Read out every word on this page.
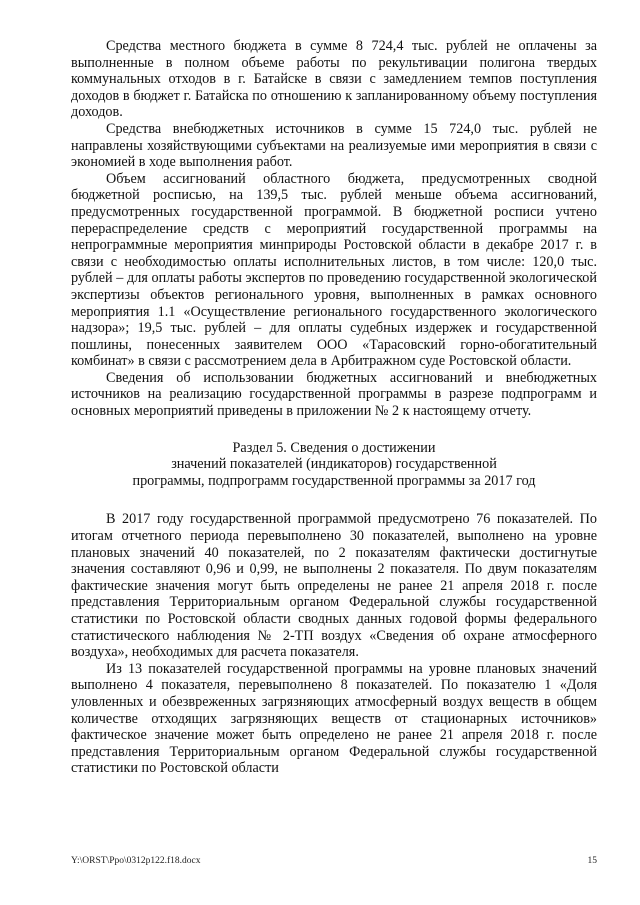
Средства местного бюджета в сумме 8 724,4 тыс. рублей не оплачены за выполненные в полном объеме работы по рекультивации полигона твердых коммунальных отходов в г. Батайске в связи с замедлением темпов поступления доходов в бюджет г. Батайска по отношению к запланированному объему поступления доходов.

Средства внебюджетных источников в сумме 15 724,0 тыс. рублей не направлены хозяйствующими субъектами на реализуемые ими мероприятия в связи с экономией в ходе выполнения работ.

Объем ассигнований областного бюджета, предусмотренных сводной бюджетной росписью, на 139,5 тыс. рублей меньше объема ассигнований, предусмотренных государственной программой. В бюджетной росписи учтено перераспределение средств с мероприятий государственной программы на непрограммные мероприятия минприроды Ростовской области в декабре 2017 г. в связи с необходимостью оплаты исполнительных листов, в том числе: 120,0 тыс. рублей – для оплаты работы экспертов по проведению государственной экологической экспертизы объектов регионального уровня, выполненных в рамках основного мероприятия 1.1 «Осуществление регионального государственного экологического надзора»; 19,5 тыс. рублей – для оплаты судебных издержек и государственной пошлины, понесенных заявителем ООО «Тарасовский горно-обогатительный комбинат» в связи с рассмотрением дела в Арбитражном суде Ростовской области.

Сведения об использовании бюджетных ассигнований и внебюджетных источников на реализацию государственной программы в разрезе подпрограмм и основных мероприятий приведены в приложении № 2 к настоящему отчету.

Раздел 5. Сведения о достижении
значений показателей (индикаторов) государственной
программы, подпрограмм государственной программы за 2017 год

В 2017 году государственной программой предусмотрено 76 показателей. По итогам отчетного периода перевыполнено 30 показателей, выполнено на уровне плановых значений 40 показателей, по 2 показателям фактически достигнутые значения составляют 0,96 и 0,99, не выполнены 2 показателя. По двум показателям фактические значения могут быть определены не ранее 21 апреля 2018 г. после представления Территориальным органом Федеральной службы государственной статистики по Ростовской области сводных данных годовой формы федерального статистического наблюдения № 2-ТП воздух «Сведения об охране атмосферного воздуха», необходимых для расчета показателя.

Из 13 показателей государственной программы на уровне плановых значений выполнено 4 показателя, перевыполнено 8 показателей. По показателю 1 «Доля уловленных и обезвреженных загрязняющих атмосферный воздух веществ в общем количестве отходящих загрязняющих веществ от стационарных источников» фактическое значение может быть определено не ранее 21 апреля 2018 г. после представления Территориальным органом Федеральной службы государственной статистики по Ростовской области

Y:\ORST\Ppo\0312p122.f18.docx	15
